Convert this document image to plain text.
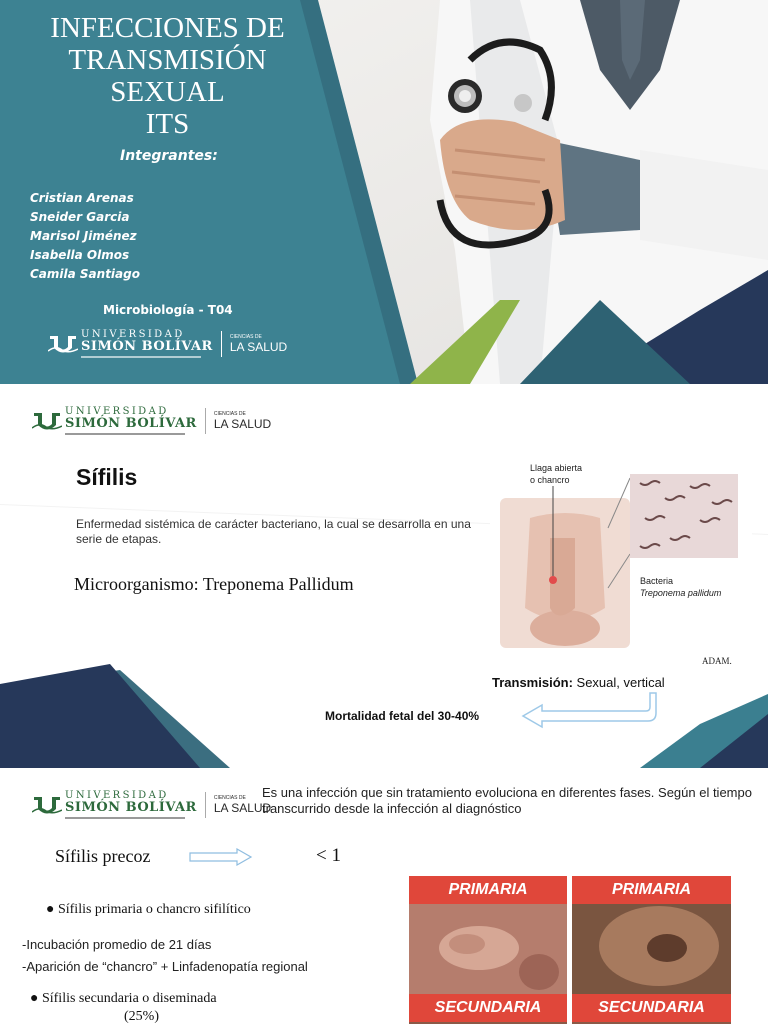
INFECCIONES DE
TRANSMISIÓN
SEXUAL
ITS
Integrantes:
Cristian Arenas
Sneider Garcia
Marisol Jiménez
Isabella Olmos
Camila Santiago
Microbiología - T04
UNIVERSIDAD
SIMÓN BOLÍVAR
CIENCIAS DE
LA SALUD
UNIVERSIDAD
SIMÓN BOLÍVAR
CIENCIAS DE
LA SALUD
Sífilis
Enfermedad sistémica de carácter bacteriano, la cual se desarrolla en una serie de etapas.
Microorganismo: Treponema Pallidum
Llaga abierta
o chancro
Bacteria
Treponema pallidum
ADAM.
Transmisión: Sexual, vertical
Mortalidad fetal del 30-40%
UNIVERSIDAD
SIMÓN BOLÍVAR
CIENCIAS DE
LA SALUD
Es una infección que sin tratamiento evoluciona en diferentes fases. Según el tiempo transcurrido desde la infección al diagnóstico
Sífilis precoz	< 1
● Sífilis primaria o chancro sifilítico
-Incubación promedio de 21 días
-Aparición de “chancro” + Linfadenopatía regional
● Sífilis secundaria o diseminada
(25%)
PRIMARIA	PRIMARIA
SECUNDARIA	SECUNDARIA
